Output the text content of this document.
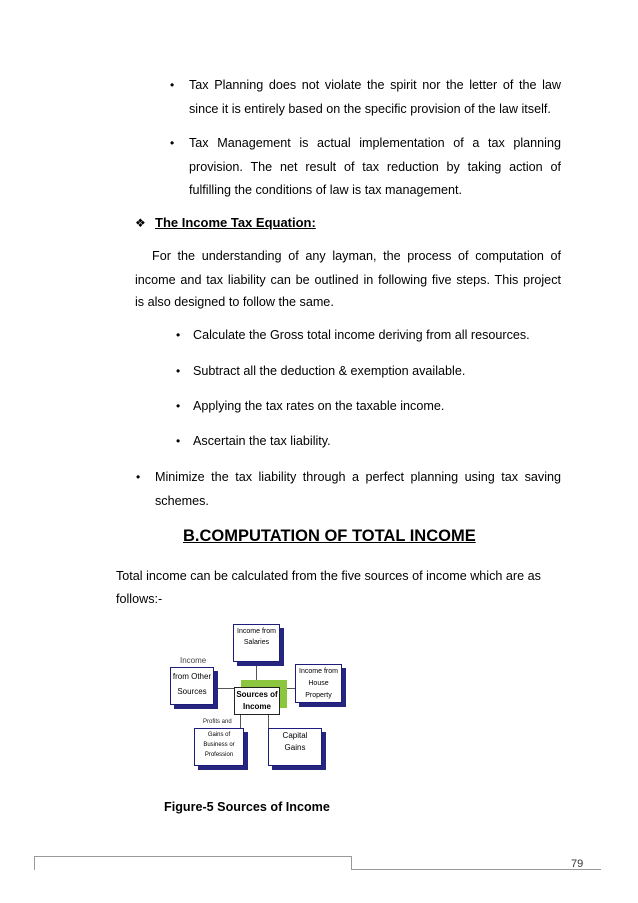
• Tax Planning does not violate the spirit nor the letter of the law
since it is entirely based on the specific provision of the law itself.
• Tax Management is actual implementation of a tax planning
provision. The net result of tax reduction by taking action of
fulfilling the conditions of law is tax management.
❖ The Income Tax Equation:
For the understanding of any layman, the process of computation of
income and tax liability can be outlined in following five steps. This project
is also designed to follow the same.
• Calculate the Gross total income deriving from all resources.
• Subtract all the deduction & exemption available.
• Applying the tax rates on the taxable income.
• Ascertain the tax liability.
• Minimize the tax liability through a perfect planning using tax saving
schemes.
B.COMPUTATION OF TOTAL INCOME
Total income can be calculated from the five sources of income which are as
follows:-
Income from
Salaries
Income from
House
Property
Income
from Other
Sources	Sources of Income
Profits and
Gains of
Business or
Profession
Capital
Gains
Figure-5 Sources of Income
79
